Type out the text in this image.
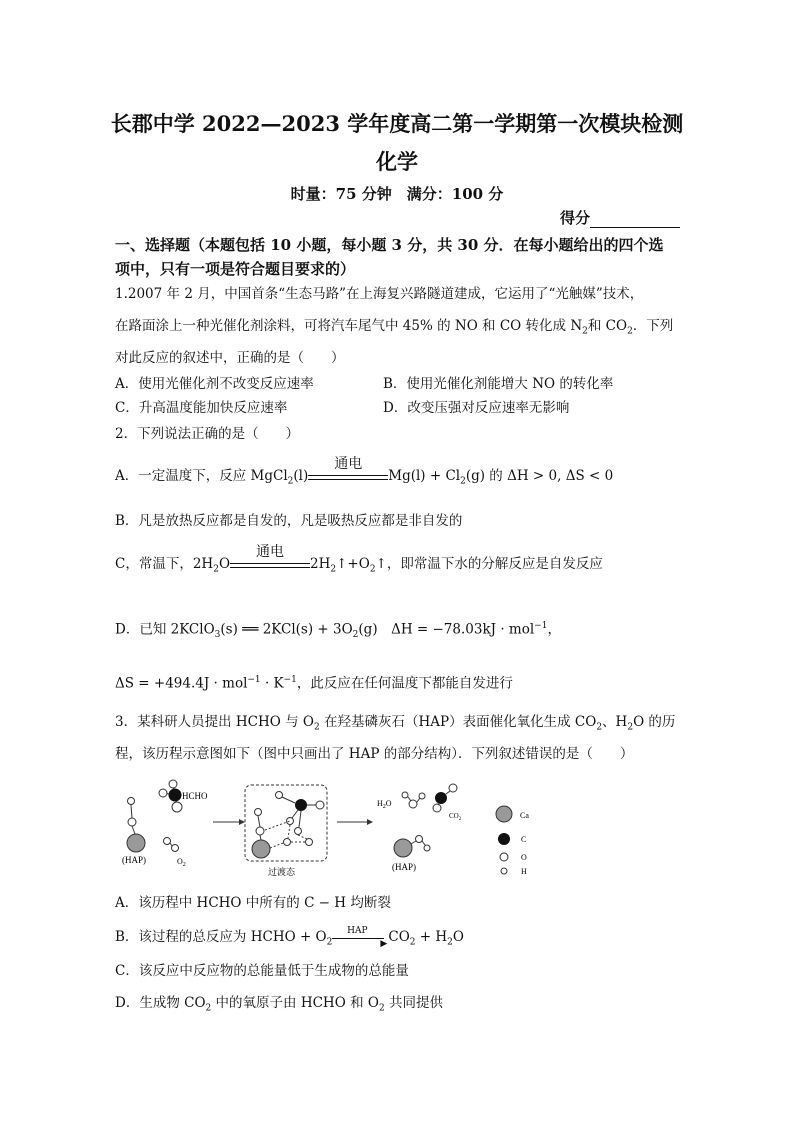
长郡中学 2022—2023 学年度高二第一学期第一次模块检测
化学
时量：75 分钟　满分：100 分
得分
一、选择题（本题包括 10 小题，每小题 3 分，共 30 分．在每小题给出的四个选
项中，只有一项是符合题目要求的）
1.2007 年 2 月，中国首条“生态马路”在上海复兴路隧道建成，它运用了“光触媒”技术，
在路面涂上一种光催化剂涂料，可将汽车尾气中 45% 的 NO 和 CO 转化成 $N_2$和 $CO_2$．下列
对此反应的叙述中，正确的是（　　）
A．使用光催化剂不改变反应速率	B．使用光催化剂能增大 NO 的转化率
C．升高温度能加快反应速率	D．改变压强对反应速率无影响
2．下列说法正确的是（　　）
A．一定温度下，反应 MgCl$_2$(l)
通电
$Mg(l) + Cl_2(g)$ 的 ΔH > 0, ΔS < 0
B．凡是放热反应都是自发的，凡是吸热反应都是非自发的
C，常温下，$2H_2O$
通电
$2H_2↑+O_2↑$，即常温下水的分解反应是自发反应
D．已知 2KClO$_3$(s) ══ $2KCl(s) + 3O_2(g)$　ΔH = −78.03kJ · mol$^{-1}$，
$\Delta S = +494.4J \cdot mol^{-1} \cdot K^{-1}$，此反应在任何温度下都能自发进行
3．某科研人员提出 HCHO 与 $O_2$ 在羟基磷灰石（HAP）表面催化氧化生成 $CO_2$、$H_2O$ 的历
程，该历程示意图如下（图中只画出了 HAP 的部分结构）．下列叙述错误的是（　　）
HCHO
(HAP)	$O_2$
过渡态
$H_2O$
$CO_2$
(HAP)
Ca
C
O
H
A．该历程中 HCHO 中所有的 C − H 均断裂
B．该过程的总反应为 HCHO + $O_2$
HAP
▶ $CO_2 + H_2O$
C．该反应中反应物的总能量低于生成物的总能量
D．生成物 $CO_2$ 中的氧原子由 HCHO 和 $O_2$ 共同提供
